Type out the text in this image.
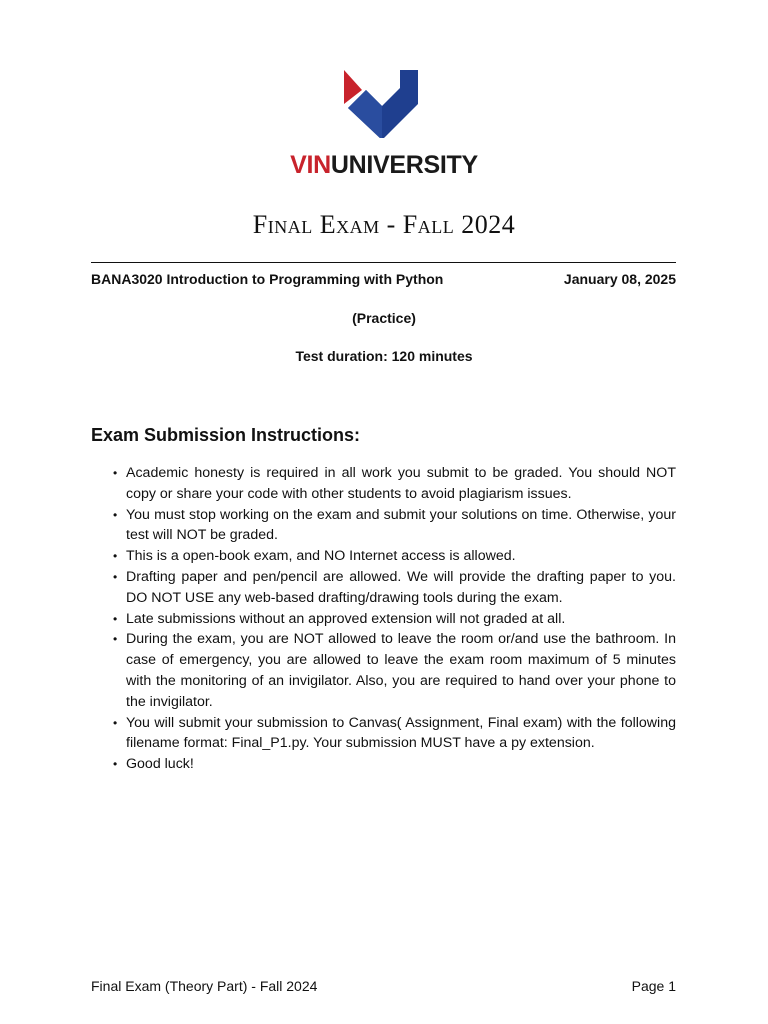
VINUNIVERSITY
Final Exam - Fall 2024
BANA3020 Introduction to Programming with Python	January 08, 2025
(Practice)
Test duration: 120 minutes
Exam Submission Instructions:
• Academic honesty is required in all work you submit to be graded. You should NOT copy or share your code with other students to avoid plagiarism issues.
• You must stop working on the exam and submit your solutions on time. Otherwise, your test will NOT be graded.
• This is a open-book exam, and NO Internet access is allowed.
• Drafting paper and pen/pencil are allowed. We will provide the drafting paper to you. DO NOT USE any web-based drafting/drawing tools during the exam.
• Late submissions without an approved extension will not graded at all.
• During the exam, you are NOT allowed to leave the room or/and use the bathroom. In case of emergency, you are allowed to leave the exam room maximum of 5 minutes with the monitoring of an invigilator. Also, you are required to hand over your phone to the invigilator.
• You will submit your submission to Canvas( Assignment, Final exam) with the following filename format: Final_P1.py. Your submission MUST have a py extension.
• Good luck!
Final Exam (Theory Part) - Fall 2024	Page 1
